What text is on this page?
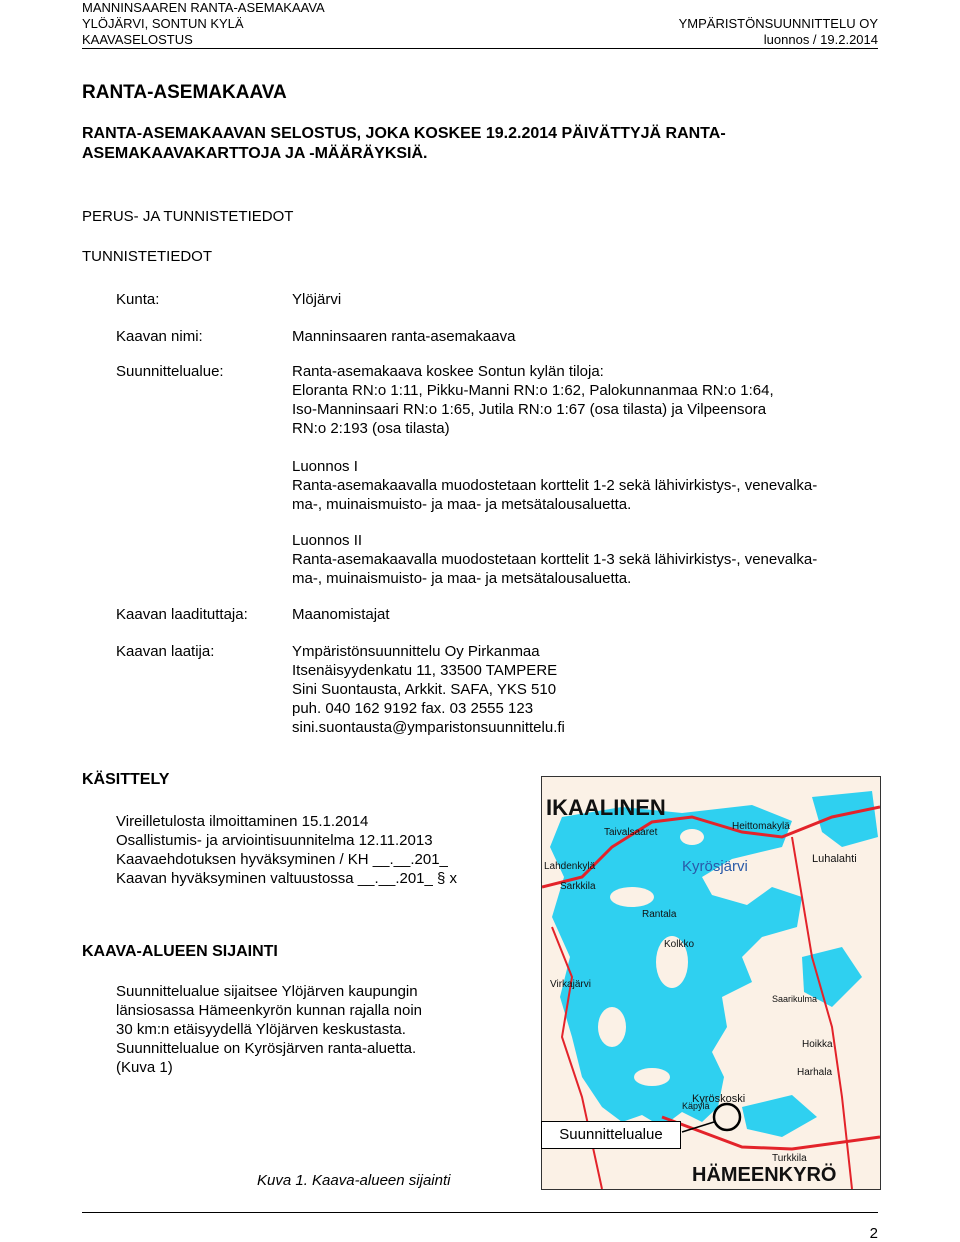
MANNINSAAREN RANTA-ASEMAKAAVA
YLÖJÄRVI, SONTUN KYLÄ
KAAVASELOSTUS
YMPÄRISTÖNSUUNNITTELU OY
luonnos / 19.2.2014
RANTA-ASEMAKAAVA
RANTA-ASEMAKAAVAN SELOSTUS, JOKA KOSKEE 19.2.2014 PÄIVÄTTYJÄ RANTA-
ASEMAKAAVAKARTTOJA JA -MÄÄRÄYKSIÄ.
PERUS- JA TUNNISTETIEDOT
TUNNISTETIEDOT
Kunta:	Ylöjärvi
Kaavan nimi:	Manninsaaren ranta-asemakaava
Suunnittelualue:	Ranta-asemakaava koskee Sontun kylän tiloja:
Eloranta RN:o 1:11, Pikku-Manni RN:o 1:62, Palokunnanmaa RN:o 1:64,
Iso-Manninsaari RN:o 1:65, Jutila RN:o 1:67 (osa tilasta) ja Vilpeensora
RN:o 2:193 (osa tilasta)
Luonnos I
Ranta-asemakaavalla muodostetaan korttelit 1-2 sekä lähivirkistys-, venevalka-
ma-, muinaismuisto- ja maa- ja metsätalousaluetta.
Luonnos II
Ranta-asemakaavalla muodostetaan korttelit 1-3 sekä lähivirkistys-, venevalka-
ma-, muinaismuisto- ja maa- ja metsätalousaluetta.
Kaavan laadituttaja:	Maanomistajat
Kaavan laatija:	Ympäristönsuunnittelu Oy Pirkanmaa
Itsenäisyydenkatu 11, 33500 TAMPERE
Sini Suontausta, Arkkit. SAFA, YKS 510
puh. 040 162 9192 fax. 03 2555 123
sini.suontausta@ymparistonsuunnittelu.fi
KÄSITTELY
Vireilletulosta ilmoittaminen 15.1.2014
Osallistumis- ja arviointisuunnitelma 12.11.2013
Kaavaehdotuksen hyväksyminen / KH __.__.201_
Kaavan hyväksyminen valtuustossa __.__.201_ § x
KAAVA-ALUEEN SIJAINTI
Suunnittelualue sijaitsee Ylöjärven kaupungin
länsiosassa Hämeenkyrön kunnan rajalla noin
30 km:n etäisyydellä Ylöjärven keskustasta.
Suunnittelualue on Kyrösjärven ranta-aluetta.
(Kuva 1)
IKAALINEN
HÄMEENKYRÖ
Kyrösjärvi
Taivalsaaret
Heittomakylä
Lahdenkylä
Sarkkila
Luhalahti
Kolkko
Virkajärvi
Rantala
Kyröskoski
Harhala
Käpylä
Turkkila
Hoikka
Saarikulma
Suunnittelualue
Kuva 1. Kaava-alueen sijainti
2
